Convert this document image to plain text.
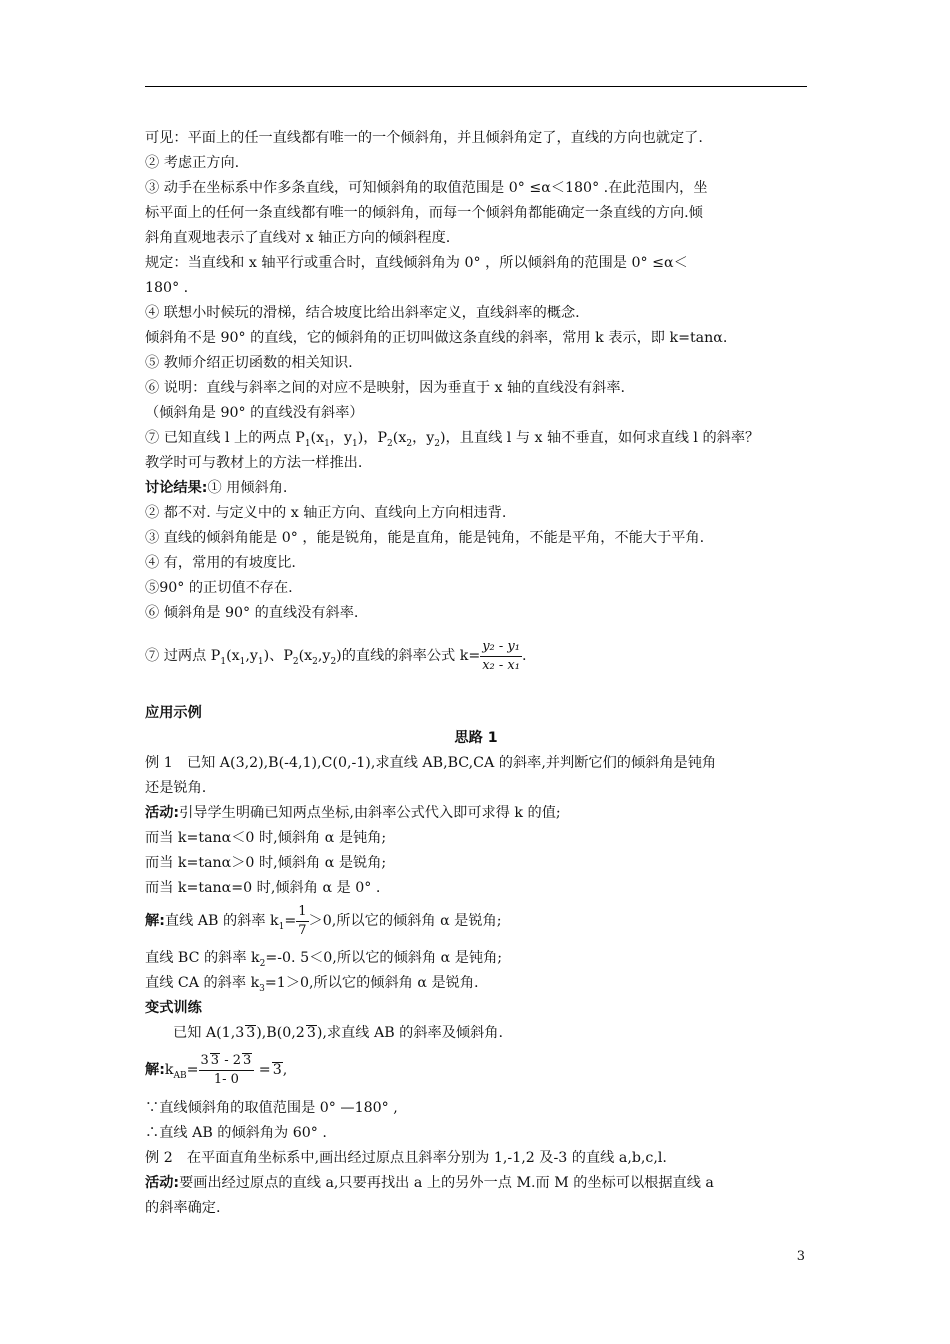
可见：平面上的任一直线都有唯一的一个倾斜角，并且倾斜角定了，直线的方向也就定了.
② 考虑正方向.
③ 动手在坐标系中作多条直线，可知倾斜角的取值范围是 0° ≤α＜180° .在此范围内，坐
标平面上的任何一条直线都有唯一的倾斜角，而每一个倾斜角都能确定一条直线的方向.倾
斜角直观地表示了直线对 x 轴正方向的倾斜程度.
规定：当直线和 x 轴平行或重合时，直线倾斜角为 0° ，所以倾斜角的范围是 0° ≤α＜
180° .
④ 联想小时候玩的滑梯，结合坡度比给出斜率定义，直线斜率的概念.
倾斜角不是 90° 的直线，它的倾斜角的正切叫做这条直线的斜率，常用 k 表示，即 k=tanα.
⑤ 教师介绍正切函数的相关知识.
⑥ 说明：直线与斜率之间的对应不是映射，因为垂直于 x 轴的直线没有斜率.
（倾斜角是 90° 的直线没有斜率）
⑦ 已知直线 l 上的两点 $P_1(x_1$，$y_1$)，$P_2(x_2$，$y_2$)，且直线 l 与 x 轴不垂直，如何求直线 l 的斜率？
教学时可与教材上的方法一样推出.
讨论结果:① 用倾斜角.
② 都不对. 与定义中的 x 轴正方向、直线向上方向相违背.
③ 直线的倾斜角能是 0° ，能是锐角，能是直角，能是钝角，不能是平角，不能大于平角.
④ 有，常用的有坡度比.
⑤90° 的正切值不存在.
⑥ 倾斜角是 90° 的直线没有斜率.
⑦ 过两点 $P_1(x_1,y_1)$、$P_2(x_2,y_2)$的直线的斜率公式 $k= \frac{\text{y₂ - y₁}}{\text{x₂ - x₁}}$ .
应用示例
思路 1
例 1　已知 A(3,2),B(-4,1),C(0,-1),求直线 AB,BC,CA 的斜率,并判断它们的倾斜角是钝角
还是锐角.
活动:引导学生明确已知两点坐标,由斜率公式代入即可求得 k 的值;
而当 k=tanα＜0 时,倾斜角 α 是钝角;
而当 k=tanα＞0 时,倾斜角 α 是锐角;
而当 k=tanα=0 时,倾斜角 α 是 0° .
解:直线 AB 的斜率 $k_1= \frac{1}{7} >0$,所以它的倾斜角 α 是锐角;
直线 BC 的斜率 $k_2=-0$. 5＜0,所以它的倾斜角 α 是钝角;
直线 CA 的斜率 $k_3=1>0$,所以它的倾斜角 α 是锐角.
变式训练
已知 A(1,3 3),B(0,2 3),求直线 AB 的斜率及倾斜角.
解$:k_{AB}= \frac{3 3 - 2 3}{1- 0} = 3$,
∵直线倾斜角的取值范围是 0° —180° ,
∴直线 AB 的倾斜角为 60° .
例 2　在平面直角坐标系中,画出经过原点且斜率分别为 1,-1,2 及-3 的直线 a,b,c,l.
活动:要画出经过原点的直线 a,只要再找出 a 上的另外一点 M.而 M 的坐标可以根据直线 a
的斜率确定.
3
